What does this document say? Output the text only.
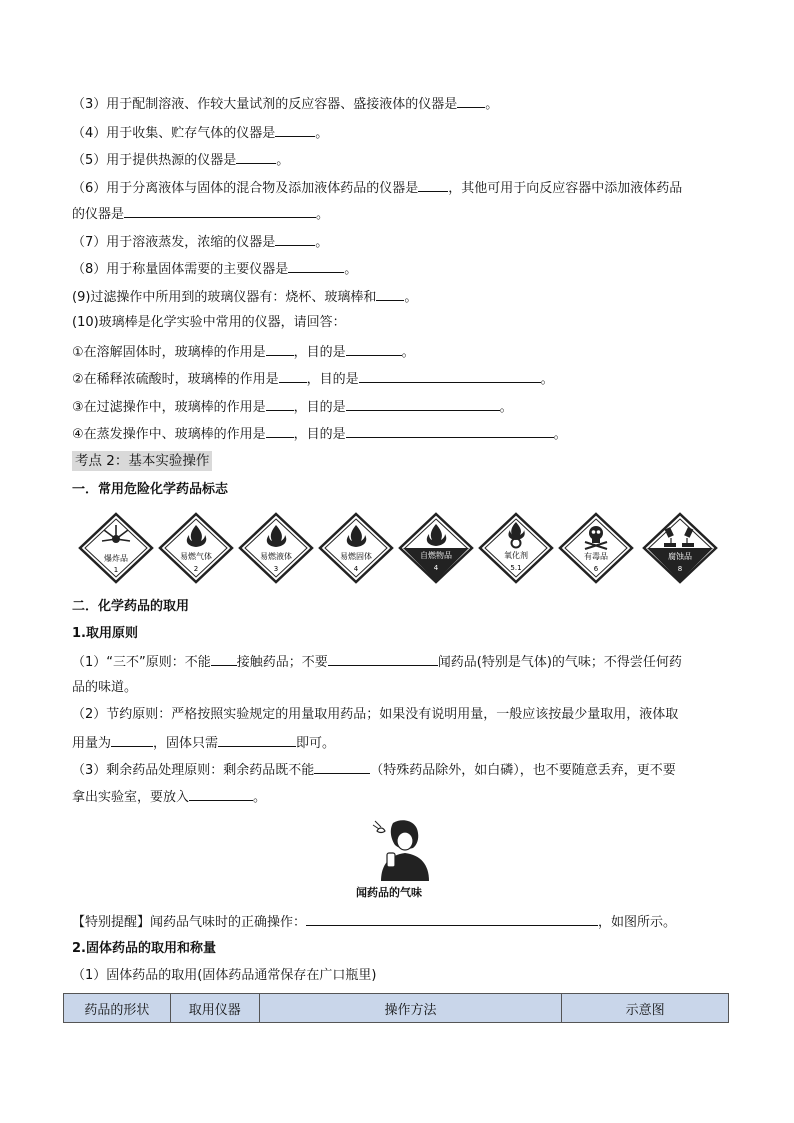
（3）用于配制溶液、作较大量试剂的反应容器、盛接液体的仪器是 。
（4）用于收集、贮存气体的仪器是	。
（5）用于提供热源的仪器是	。
（6）用于分离液体与固体的混合物及添加液体药品的仪器是 ，其他可用于向反应容器中添加液体药品
的仪器是	。
（7）用于溶液蒸发，浓缩的仪器是	。
（8）用于称量固体需要的主要仪器是	。
(9)过滤操作中所用到的玻璃仪器有：烧杯、玻璃棒和 。
(10)玻璃棒是化学实验中常用的仪器，请回答：
①在溶解固体时，玻璃棒的作用是 ，目的是	。
②在稀释浓硫酸时，玻璃棒的作用是 ，目的是	。
③在过滤操作中，玻璃棒的作用是 ，目的是	。
④在蒸发操作中、玻璃棒的作用是 ，目的是	。
考点 2：基本实验操作
一．常用危险化学药品标志
爆炸品
1
易燃气体
2
易燃液体
3
易燃固体
4
自燃物品
4
氧化剂
5.1
有毒品
6
腐蚀品
8
二．化学药品的取用
1.取用原则
（1）“三不”原则：不能 接触药品；不要	闻药品(特别是气体)的气味；不得尝任何药
品的味道。
（2）节约原则：严格按照实验规定的用量取用药品；如果没有说明用量，一般应该按最少量取用，液体取
用量为	，固体只需	即可。
（3）剩余药品处理原则：剩余药品既不能	（特殊药品除外，如白磷），也不要随意丢弃，更不要
拿出实验室，要放入	。
闻药品的气味
【特别提醒】闻药品气味时的正确操作：	，如图所示。
2.固体药品的取用和称量
（1）固体药品的取用(固体药品通常保存在广口瓶里)
药品的形状	取用仪器	操作方法	示意图
